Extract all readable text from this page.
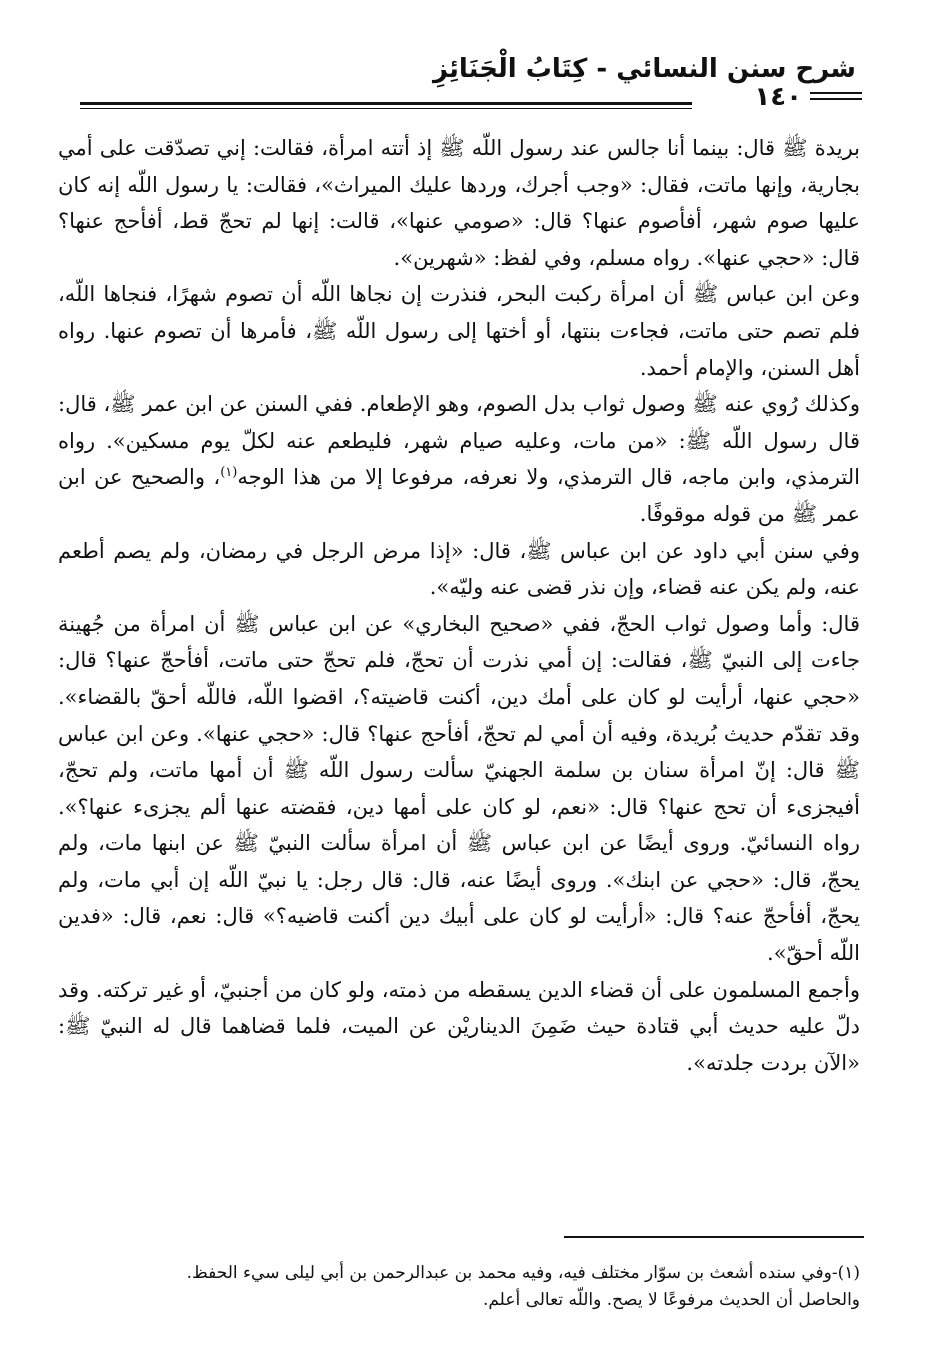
شرح سنن النسائي - كِتَابُ الْجَنَائِزِ
١٤٠

بريدة ﷺ قال: بينما أنا جالس عند رسول اللّه ﷺ إذ أتته امرأة، فقالت: إني تصدّقت على أمي بجارية، وإنها ماتت، فقال: «وجب أجرك، وردها عليك الميراث»، فقالت: يا رسول اللّه إنه كان عليها صوم شهر، أفأصوم عنها؟ قال: «صومي عنها»، قالت: إنها لم تحجّ قط، أفأحج عنها؟ قال: «حجي عنها». رواه مسلم، وفي لفظ: «شهرين».

وعن ابن عباس ﷺ أن امرأة ركبت البحر، فنذرت إن نجاها اللّه أن تصوم شهرًا، فنجاها اللّه، فلم تصم حتى ماتت، فجاءت بنتها، أو أختها إلى رسول اللّه ﷺ، فأمرها أن تصوم عنها. رواه أهل السنن، والإمام أحمد.

وكذلك رُوي عنه ﷺ وصول ثواب بدل الصوم، وهو الإطعام. ففي السنن عن ابن عمر ﷺ، قال: قال رسول اللّه ﷺ: «من مات، وعليه صيام شهر، فليطعم عنه لكلّ يوم مسكين». رواه الترمذي، وابن ماجه، قال الترمذي، ولا نعرفه، مرفوعا إلا من هذا الوجه$^{(١)}$، والصحيح عن ابن عمر ﷺ من قوله موقوفًا.

وفي سنن أبي داود عن ابن عباس ﷺ، قال: «إذا مرض الرجل في رمضان، ولم يصم أطعم عنه، ولم يكن عنه قضاء، وإن نذر قضى عنه وليّه».

قال: وأما وصول ثواب الحجّ، ففي «صحيح البخاري» عن ابن عباس ﷺ أن امرأة من جُهينة جاءت إلى النبيّ ﷺ، فقالت: إن أمي نذرت أن تحجّ، فلم تحجّ حتى ماتت، أفأحجّ عنها؟ قال: «حجي عنها، أرأيت لو كان على أمك دين، أكنت قاضيته؟، اقضوا اللّه، فاللّه أحقّ بالقضاء». وقد تقدّم حديث بُريدة، وفيه أن أمي لم تحجّ، أفأحج عنها؟ قال: «حجي عنها». وعن ابن عباس ﷺ قال: إنّ امرأة سنان بن سلمة الجهنيّ سألت رسول اللّه ﷺ أن أمها ماتت، ولم تحجّ، أفيجزىء أن تحج عنها؟ قال: «نعم، لو كان على أمها دين، فقضته عنها ألم يجزىء عنها؟». رواه النسائيّ. وروى أيضًا عن ابن عباس ﷺ أن امرأة سألت النبيّ ﷺ عن ابنها مات، ولم يحجّ، قال: «حجي عن ابنك». وروى أيضًا عنه، قال: قال رجل: يا نبيّ اللّه إن أبي مات، ولم يحجّ، أفأحجّ عنه؟ قال: «أرأيت لو كان على أبيك دين أكنت قاضيه؟» قال: نعم، قال: «فدين اللّه أحقّ».

وأجمع المسلمون على أن قضاء الدين يسقطه من ذمته، ولو كان من أجنبيّ، أو غير تركته. وقد دلّ عليه حديث أبي قتادة حيث ضَمِنَ الديناريْن عن الميت، فلما قضاهما قال له النبيّ ﷺ: «الآن بردت جلدته».

(١)-وفي سنده أشعث بن سوّار مختلف فيه، وفيه محمد بن عبدالرحمن بن أبي ليلى سيء الحفظ.

والحاصل أن الحديث مرفوعًا لا يصح. واللّه تعالى أعلم.
